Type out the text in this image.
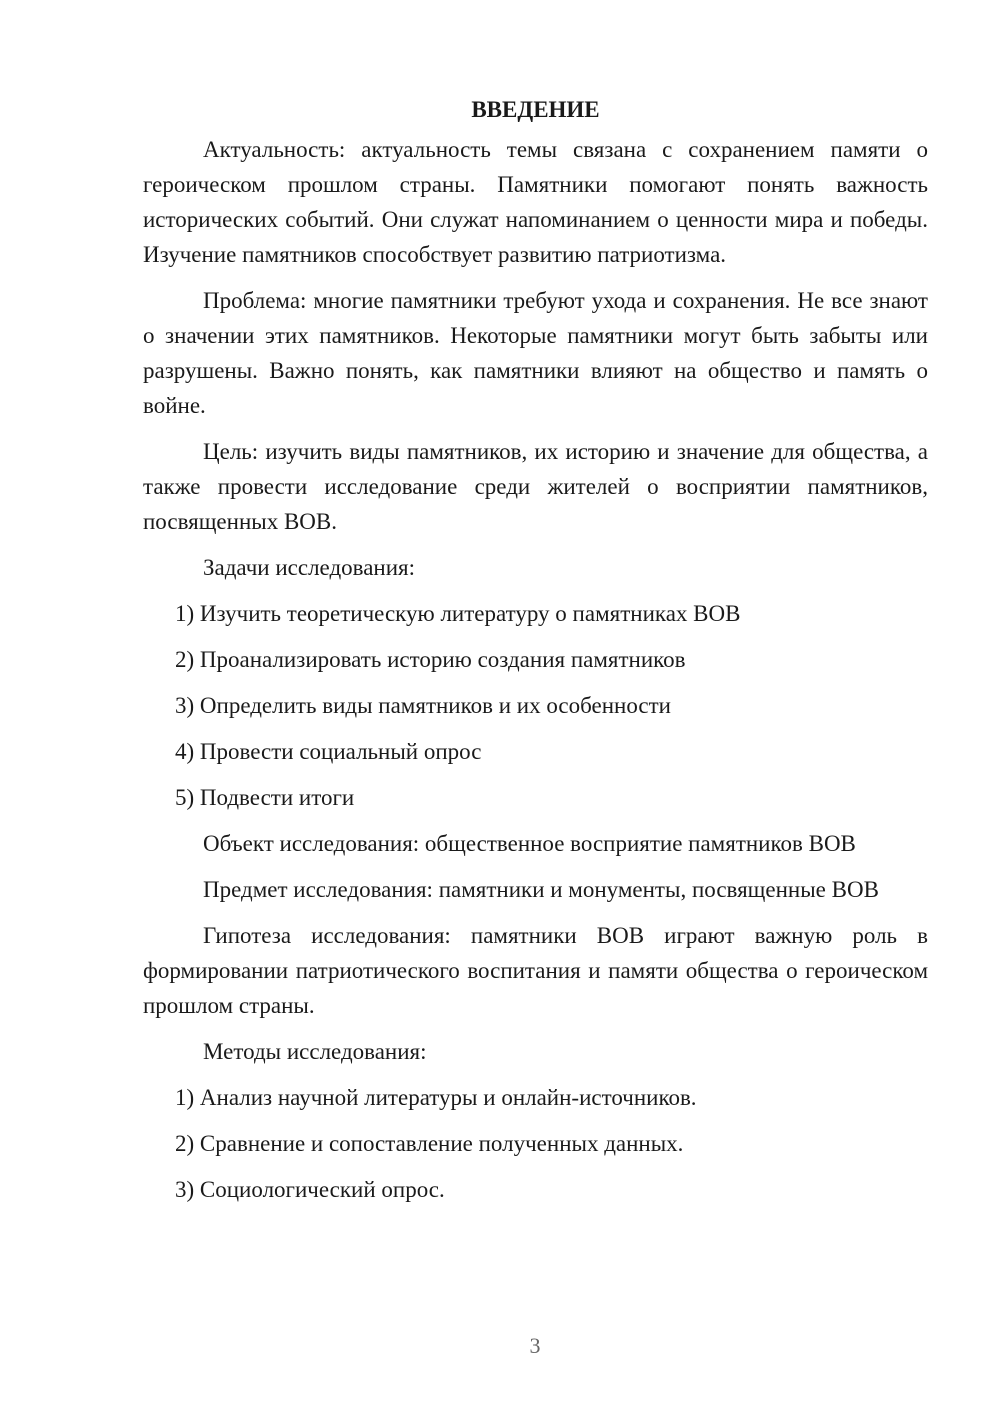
ВВЕДЕНИЕ

Актуальность: актуальность темы связана с сохранением памяти о героическом прошлом страны. Памятники помогают понять важность исторических событий. Они служат напоминанием о ценности мира и победы. Изучение памятников способствует развитию патриотизма.

Проблема: многие памятники требуют ухода и сохранения. Не все знают о значении этих памятников. Некоторые памятники могут быть забыты или разрушены. Важно понять, как памятники влияют на общество и память о войне.

Цель: изучить виды памятников, их историю и значение для общества, а также провести исследование среди жителей о восприятии памятников, посвященных ВОВ.

Задачи исследования:

1) Изучить теоретическую литературу о памятниках ВОВ

2) Проанализировать историю создания памятников

3) Определить виды памятников и их особенности

4) Провести социальный опрос

5) Подвести итоги

Объект исследования: общественное восприятие памятников ВОВ

Предмет исследования: памятники и монументы, посвященные ВОВ

Гипотеза исследования: памятники ВОВ играют важную роль в формировании патриотического воспитания и памяти общества о героическом прошлом страны.

Методы исследования:

1) Анализ научной литературы и онлайн-источников.

2) Сравнение и сопоставление полученных данных.

3) Социологический опрос.

3
